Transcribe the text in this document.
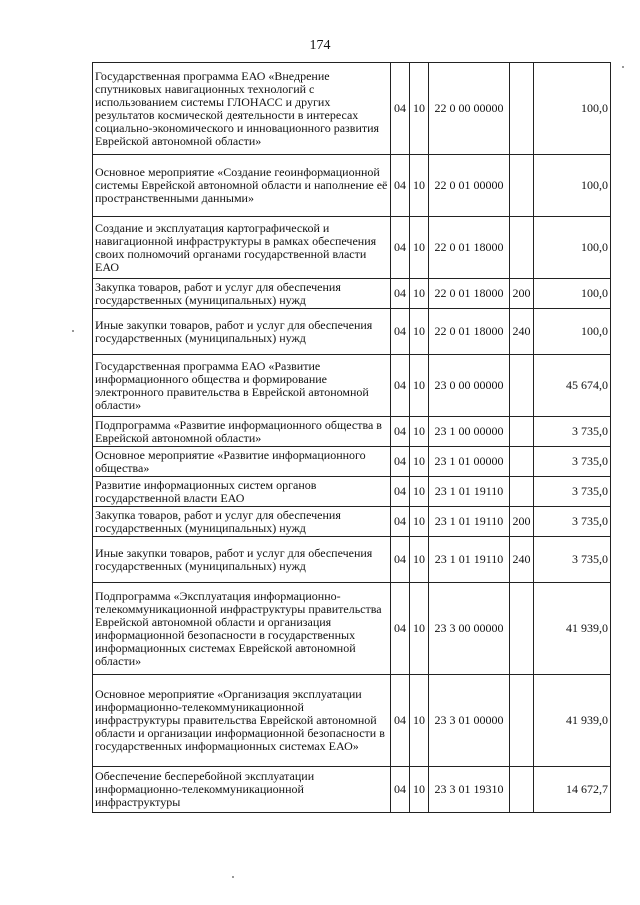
174
Государственная программа ЕАО «Внедрение спутниковых навигационных технологий с использованием системы ГЛОНАСС и других результатов космической деятельности в интересах социально-экономического и инновационного развития Еврейской автономной области»	04	10	22 0 00 00000		100,0
Основное мероприятие «Создание геоинформационной системы Еврейской автономной области и наполнение её пространственными данными»	04	10	22 0 01 00000		100,0
Создание и эксплуатация картографической и навигационной инфраструктуры в рамках обеспечения своих полномочий органами государственной власти ЕАО	04	10	22 0 01 18000		100,0
Закупка товаров, работ и услуг для обеспечения государственных (муниципальных) нужд	04	10	22 0 01 18000	200	100,0
Иные закупки товаров, работ и услуг для обеспечения государственных (муниципальных) нужд	04	10	22 0 01 18000	240	100,0
Государственная программа ЕАО «Развитие информационного общества и формирование электронного правительства в Еврейской автономной области»	04	10	23 0 00 00000		45 674,0
Подпрограмма «Развитие информационного общества в Еврейской автономной области»	04	10	23 1 00 00000		3 735,0
Основное мероприятие «Развитие информационного общества»	04	10	23 1 01 00000		3 735,0
Развитие информационных систем органов государственной власти ЕАО	04	10	23 1 01 19110		3 735,0
Закупка товаров, работ и услуг для обеспечения государственных (муниципальных) нужд	04	10	23 1 01 19110	200	3 735,0
Иные закупки товаров, работ и услуг для обеспечения государственных (муниципальных) нужд	04	10	23 1 01 19110	240	3 735,0
Подпрограмма «Эксплуатация информационно-телекоммуникационной инфраструктуры правительства Еврейской автономной области и организация информационной безопасности в государственных информационных системах Еврейской автономной области»	04	10	23 3 00 00000		41 939,0
Основное мероприятие «Организация эксплуатации информационно-телекоммуникационной инфраструктуры правительства Еврейской автономной области и организации информационной безопасности в государственных информационных системах ЕАО»	04	10	23 3 01 00000		41 939,0
Обеспечение бесперебойной эксплуатации информационно-телекоммуникационной инфраструктуры	04	10	23 3 01 19310		14 672,7
